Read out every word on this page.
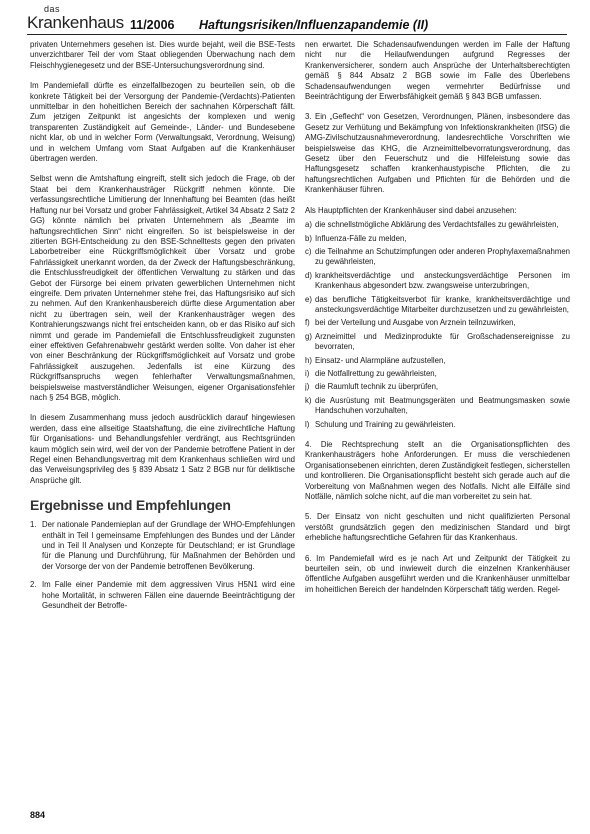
das
Krankenhaus 11/2006 Haftungsrisiken/Influenzapandemie (II)

privaten Unternehmers gesehen ist. Dies wurde bejaht, weil die BSE-Tests unverzichtbarer Teil der vom Staat obliegenden Überwachung nach dem Fleischhygienegesetz und der BSE-Untersuchungsverordnung sind.

Im Pandemiefall dürfte es einzelfallbezogen zu beurteilen sein, ob die konkrete Tätigkeit bei der Versorgung der Pandemie-(Verdachts)-Patienten unmittelbar in den hoheitlichen Bereich der sachnahen Körperschaft fällt. Zum jetzigen Zeitpunkt ist angesichts der komplexen und wenig transparenten Zuständigkeit auf Gemeinde-, Länder- und Bundesebene nicht klar, ob und in welcher Form (Verwaltungsakt, Verordnung, Weisung) und in welchem Umfang vom Staat Aufgaben auf die Krankenhäuser übertragen werden.

Selbst wenn die Amtshaftung eingreift, stellt sich jedoch die Frage, ob der Staat bei dem Krankenhausträger Rückgriff nehmen könnte. Die verfassungsrechtliche Limitierung der Innenhaftung bei Beamten (das heißt Haftung nur bei Vorsatz und grober Fahrlässigkeit, Artikel 34 Absatz 2 Satz 2 GG) könnte nämlich bei privaten Unternehmern als „Beamte im haftungsrechtlichen Sinn“ nicht eingreifen. So ist beispielsweise in der zitierten BGH-Entscheidung zu den BSE-Schnelltests gegen den privaten Laborbetreiber eine Rückgriffsmöglichkeit über Vorsatz und grobe Fahrlässigkeit unerkannt worden, da der Zweck der Haftungsbeschränkung, die Entschlussfreudigkeit der öffentlichen Verwaltung zu stärken und das Gebot der Fürsorge bei einem privaten gewerblichen Unternehmen nicht eingreife. Dem privaten Unternehmer stehe frei, das Haftungsrisiko auf sich zu nehmen. Auf den Krankenhausbereich dürfte diese Argumentation aber nicht zu übertragen sein, weil der Krankenhausträger wegen des Kontrahierungszwangs nicht frei entscheiden kann, ob er das Risiko auf sich nimmt und gerade im Pandemiefall die Entschlussfreudigkeit zugunsten einer effektiven Gefahrenabwehr gestärkt werden sollte. Von daher ist eher von einer Beschränkung der Rückgriffsmöglichkeit auf Vorsatz und grobe Fahrlässigkeit auszugehen. Jedenfalls ist eine Kürzung des Rückgriffsanspruchs wegen fehlerhafter Verwaltungsmaßnahmen, beispielsweise mastverständlicher Weisungen, eigener Organisationsfehler nach § 254 BGB, möglich.

In diesem Zusammenhang muss jedoch ausdrücklich darauf hingewiesen werden, dass eine allseitige Staatshaftung, die eine zivilrechtliche Haftung für Organisations- und Behandlungsfehler verdrängt, aus Rechtsgründen kaum möglich sein wird, weil der von der Pandemie betroffene Patient in der Regel einen Behandlungsvertrag mit dem Krankenhaus schließen wird und das Verweisungsprivileg des § 839 Absatz 1 Satz 2 BGB nur für deliktische Ansprüche gilt.

Ergebnisse und Empfehlungen
1. Der nationale Pandemieplan auf der Grundlage der WHO-Empfehlungen enthält in Teil I gemeinsame Empfehlungen des Bundes und der Länder und in Teil II Analysen und Konzepte für Deutschland; er ist Grundlage für die Planung und Durchführung, für Maßnahmen der Behörden und der Vorsorge der von der Pandemie betroffenen Bevölkerung.
2. Im Falle einer Pandemie mit dem aggressiven Virus H5N1 wird eine hohe Mortalität, in schweren Fällen eine dauernde Beeinträchtigung der Gesundheit der Betroffe-

nen erwartet. Die Schadensaufwendungen werden im Falle der Haftung nicht nur die Heilaufwendungen aufgrund Regresses der Krankenversicherer, sondern auch Ansprüche der Unterhaltsberechtigten gemäß § 844 Absatz 2 BGB sowie im Falle des Überlebens Schadensaufwendungen wegen vermehrter Bedürfnisse und Beeinträchtigung der Erwerbsfähigkeit gemäß § 843 BGB umfassen.

3. Ein „Geflecht“ von Gesetzen, Verordnungen, Plänen, insbesondere das Gesetz zur Verhütung und Bekämpfung von Infektionskrankheiten (IfSG) die AMG-Zivilschutzausnahmeverordnung, landesrechtliche Vorschriften wie beispielsweise das KHG, die Arzneimittelbevorratungsverordnung, das Gesetz über den Feuerschutz und die Hilfeleistung sowie das Haftungsgesetz schaffen krankenhaustypische Pflichten, die zu haftungsrechtlichen Aufgaben und Pflichten für die Behörden und die Krankenhäuser führen.

Als Hauptpflichten der Krankenhäuser sind dabei anzusehen:

a) die schnellstmögliche Abklärung des Verdachtsfalles zu gewährleisten,
b) Influenza-Fälle zu melden,
c) die Teilnahme an Schutzimpfungen oder anderen Prophylaxemaßnahmen zu gewährleisten,
d) krankheitsverdächtige und ansteckungsverdächtige Personen im Krankenhaus abgesondert bzw. zwangsweise unterzubringen,
e) das berufliche Tätigkeitsverbot für kranke, krankheitsverdächtige und ansteckungsverdächtige Mitarbeiter durchzusetzen und zu gewährleisten,
f) bei der Verteilung und Ausgabe von Arznein teilnzuwirken,
g) Arzneimittel und Medizinprodukte für Großschadensereignisse zu bevorraten,
h) Einsatz- und Alarmpläne aufzustellen,
i) die Notfallrettung zu gewährleisten,
j) die Raumluft technik zu überprüfen,
k) die Ausrüstung mit Beatmungsgeräten und Beatmungsmasken sowie Handschuhen vorzuhalten,
l) Schulung und Training zu gewährleisten.

4. Die Rechtsprechung stellt an die Organisationspflichten des Krankenhausträgers hohe Anforderungen. Er muss die verschiedenen Organisationsebenen einrichten, deren Zuständigkeit festlegen, sicherstellen und kontrollieren. Die Organisationspflicht besteht sich gerade auch auf die Vorbereitung von Maßnahmen wegen des Notfalls. Nicht alle Eilfälle sind Notfälle, nämlich solche nicht, auf die man vorbereitet zu sein hat.

5. Der Einsatz von nicht geschulten und nicht qualifizierten Personal verstößt grundsätzlich gegen den medizinischen Standard und birgt erhebliche haftungsrechtliche Gefahren für das Krankenhaus.

6. Im Pandemiefall wird es je nach Art und Zeitpunkt der Tätigkeit zu beurteilen sein, ob und inwieweit durch die einzelnen Krankenhäuser öffentliche Aufgaben ausgeführt werden und die Krankenhäuser unmittelbar im hoheitlichen Bereich der handelnden Körperschaft tätig werden. Regel-

884
